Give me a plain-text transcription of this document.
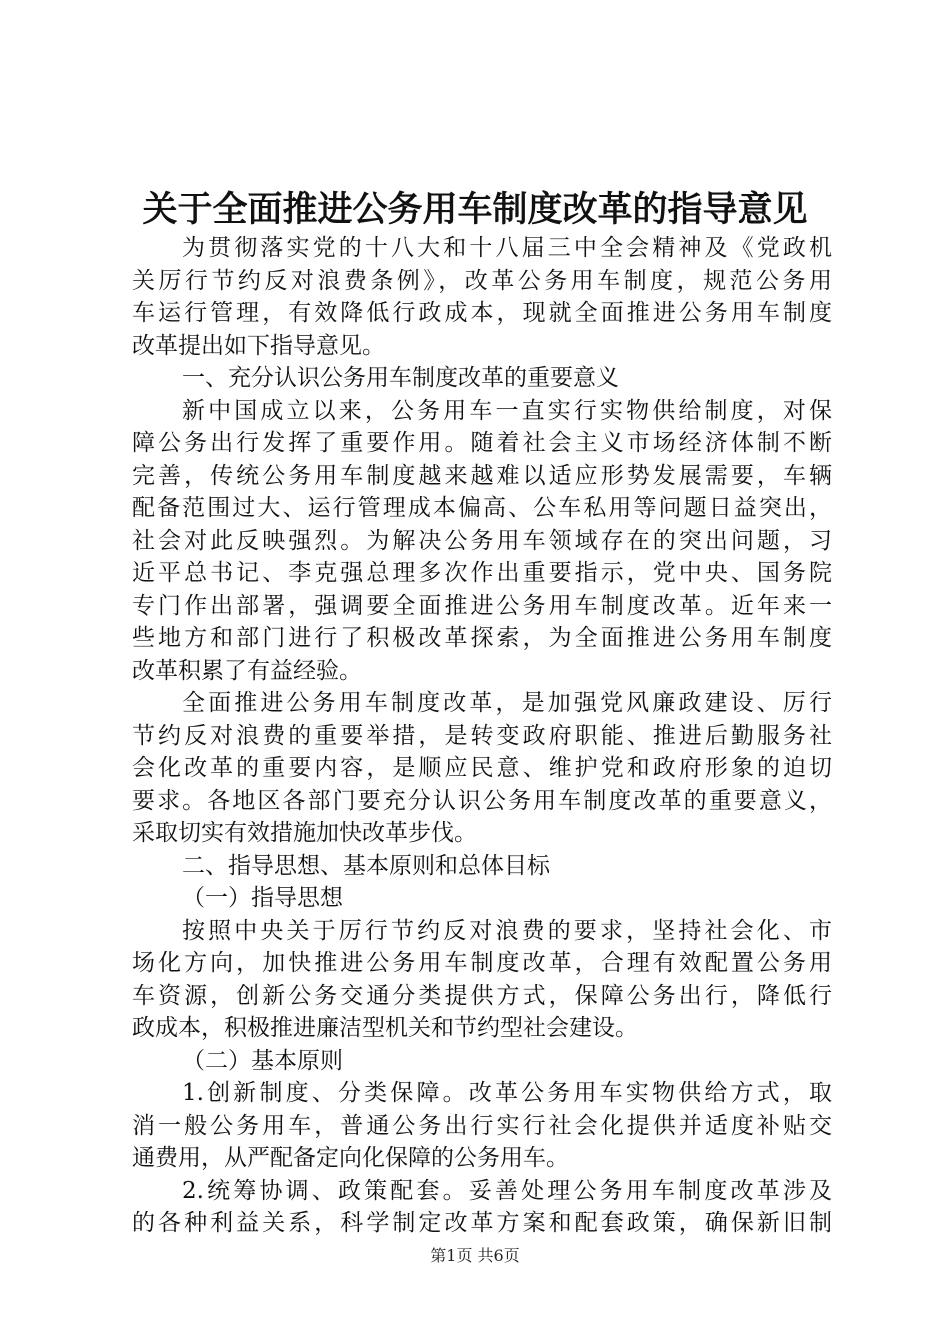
关于全面推进公务用车制度改革的指导意见
为贯彻落实党的十八大和十八届三中全会精神及《党政机
关厉行节约反对浪费条例》，改革公务用车制度，规范公务用
车运行管理，有效降低行政成本，现就全面推进公务用车制度
改革提出如下指导意见。
一、充分认识公务用车制度改革的重要意义
新中国成立以来，公务用车一直实行实物供给制度，对保
障公务出行发挥了重要作用。随着社会主义市场经济体制不断
完善，传统公务用车制度越来越难以适应形势发展需要，车辆
配备范围过大、运行管理成本偏高、公车私用等问题日益突出，
社会对此反映强烈。为解决公务用车领域存在的突出问题，习
近平总书记、李克强总理多次作出重要指示，党中央、国务院
专门作出部署，强调要全面推进公务用车制度改革。近年来一
些地方和部门进行了积极改革探索，为全面推进公务用车制度
改革积累了有益经验。
全面推进公务用车制度改革，是加强党风廉政建设、厉行
节约反对浪费的重要举措，是转变政府职能、推进后勤服务社
会化改革的重要内容，是顺应民意、维护党和政府形象的迫切
要求。各地区各部门要充分认识公务用车制度改革的重要意义，
采取切实有效措施加快改革步伐。
二、指导思想、基本原则和总体目标
（一）指导思想
按照中央关于厉行节约反对浪费的要求，坚持社会化、市
场化方向，加快推进公务用车制度改革，合理有效配置公务用
车资源，创新公务交通分类提供方式，保障公务出行，降低行
政成本，积极推进廉洁型机关和节约型社会建设。
（二）基本原则
1.创新制度、分类保障。改革公务用车实物供给方式，取
消一般公务用车，普通公务出行实行社会化提供并适度补贴交
通费用，从严配备定向化保障的公务用车。
2.统筹协调、政策配套。妥善处理公务用车制度改革涉及
的各种利益关系，科学制定改革方案和配套政策，确保新旧制
第1页 共6页
